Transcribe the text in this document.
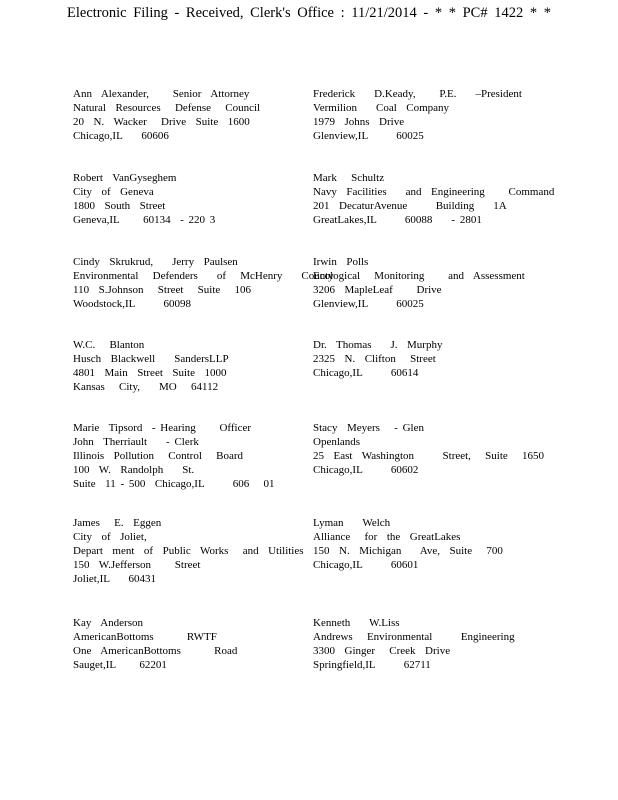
Electronic Filing - Received, Clerk's Office : 11/21/2014 - * * PC# 1422 * *
Ann  Alexander,     Senior  Attorney
Natural  Resources   Defense   Council
20  N.  Wacker   Drive  Suite  1600
Chicago,IL    60606
Robert  VanGyseghem
City  of  Geneva
1800  South  Street
Geneva,IL     60134  - 220 3
Cindy  Skrukrud,    Jerry  Paulsen
Environmental   Defenders    of   McHenry    County
110  S.Johnson   Street   Suite   106
Woodstock,IL      60098
W.C.   Blanton
Husch  Blackwell    SandersLLP
4801  Main  Street  Suite  1000
Kansas   City,    MO   64112
Marie  Tipsord  - Hearing     Officer
John  Therriault    - Clerk
Illinois  Pollution   Control   Board
100  W.  Randolph    St.
Suite  11 - 500  Chicago,IL      606   01
James   E.  Eggen
City  of  Joliet,
Depart  ment  of  Public  Works   and  Utilities
150  W.Jefferson     Street
Joliet,IL    60431
Kay  Anderson
AmericanBottoms       RWTF
One  AmericanBottoms       Road
Sauget,IL     62201
Frederick    D.Keady,     P.E.    –President
Vermilion    Coal  Company
1979  Johns  Drive
Glenview,IL      60025
Mark   Schultz
Navy  Facilities    and  Engineering     Command
201  DecaturAvenue      Building    1A
GreatLakes,IL      60088    - 2801
Irwin  Polls
Ecological   Monitoring     and  Assessment
3206  MapleLeaf     Drive
Glenview,IL      60025
Dr.  Thomas    J.  Murphy
2325  N.  Clifton   Street
Chicago,IL      60614
Stacy  Meyers   - Glen
Openlands
25  East  Washington      Street,   Suite   1650
Chicago,IL      60602
Lyman    Welch
Alliance   for  the  GreatLakes
150  N.  Michigan    Ave,  Suite   700
Chicago,IL      60601
Kenneth    W.Liss
Andrews   Environmental      Engineering
3300  Ginger   Creek  Drive
Springfield,IL      62711
